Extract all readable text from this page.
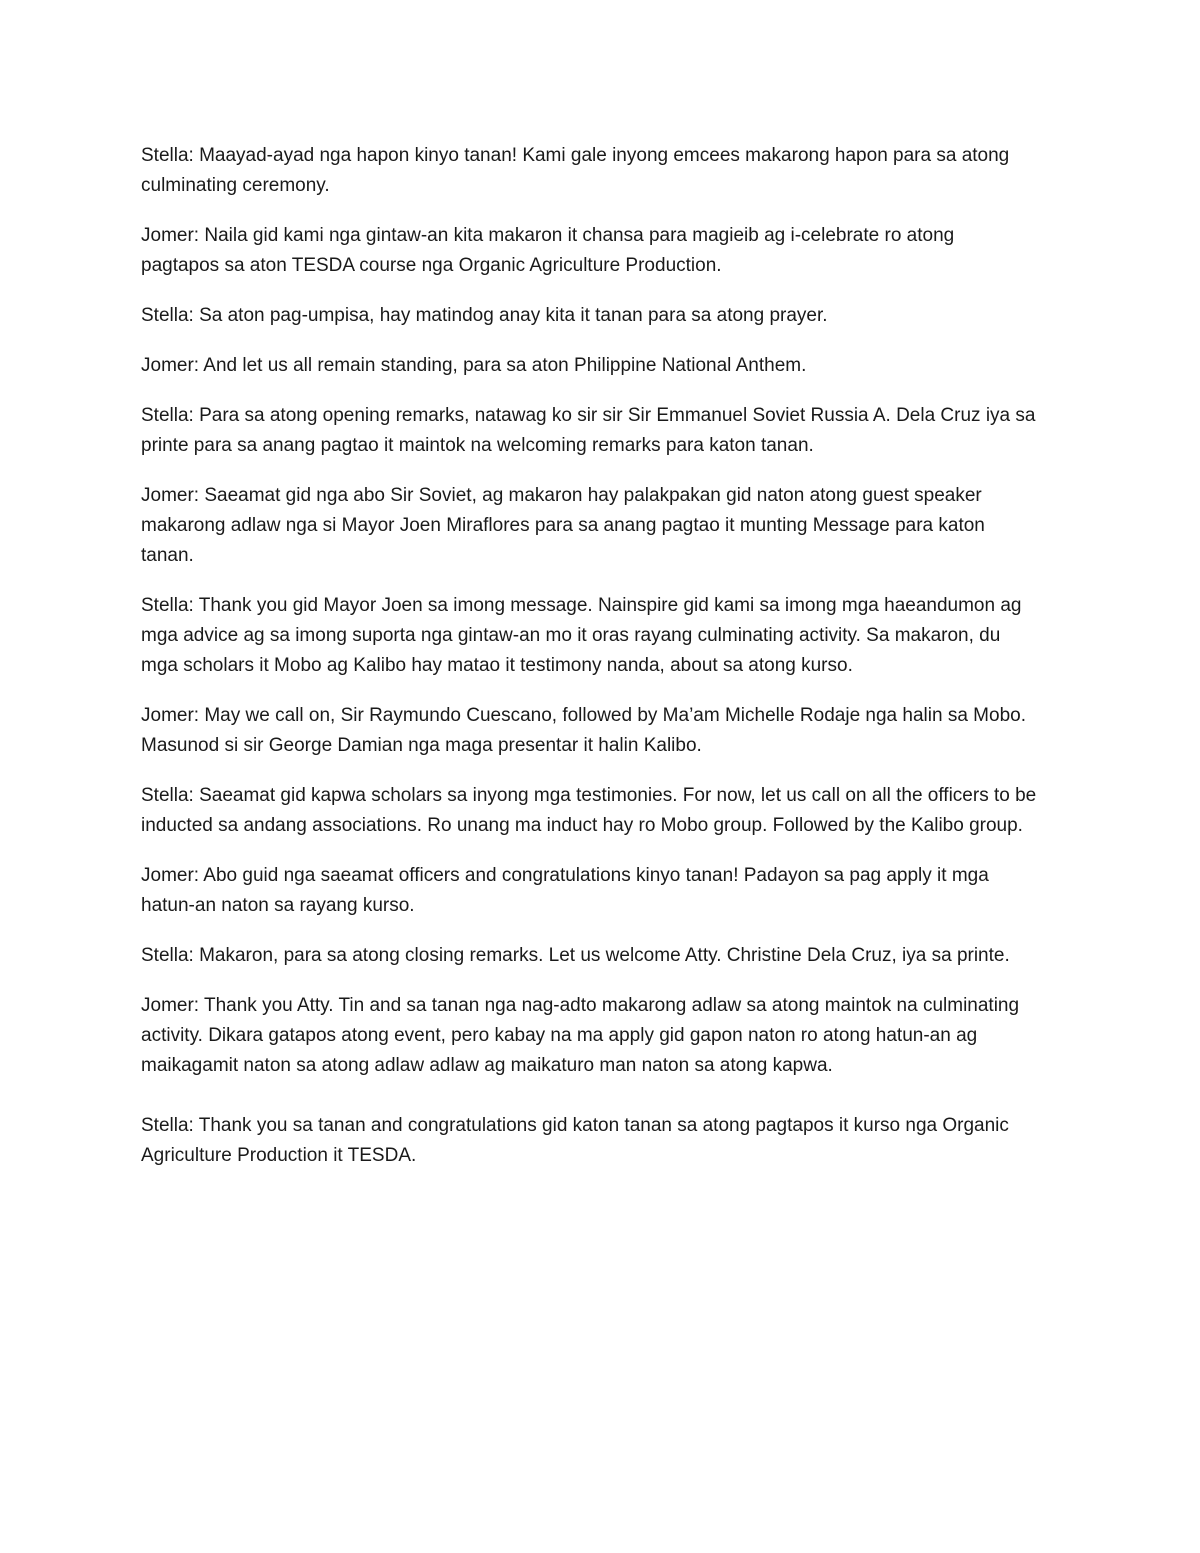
Stella: Maayad-ayad nga hapon kinyo tanan! Kami gale inyong emcees makarong hapon para sa atong
culminating ceremony.

Jomer: Naila gid kami nga gintaw-an kita makaron it chansa para magieib ag i-celebrate ro atong
pagtapos sa aton TESDA course nga Organic Agriculture Production.

Stella: Sa aton pag-umpisa, hay matindog anay kita it tanan para sa atong prayer.

Jomer: And let us all remain standing, para sa aton Philippine National Anthem.

Stella: Para sa atong opening remarks, natawag ko sir sir Sir Emmanuel Soviet Russia A. Dela Cruz iya sa
printe para sa anang pagtao it maintok na welcoming remarks para katon tanan.

Jomer: Saeamat gid nga abo Sir Soviet, ag makaron hay palakpakan gid naton atong guest speaker
makarong adlaw nga si Mayor Joen Miraflores para sa anang pagtao it munting Message para katon
tanan.

Stella: Thank you gid Mayor Joen sa imong message. Nainspire gid kami sa imong mga haeandumon ag
mga advice ag sa imong suporta nga gintaw-an mo it oras rayang culminating activity. Sa makaron, du
mga scholars it Mobo ag Kalibo hay matao it testimony nanda, about sa atong kurso.

Jomer: May we call on, Sir Raymundo Cuescano, followed by Ma’am Michelle Rodaje nga halin sa Mobo.
Masunod si sir George Damian nga maga presentar it halin Kalibo.

Stella: Saeamat gid kapwa scholars sa inyong mga testimonies. For now, let us call on all the officers to be
inducted sa andang associations. Ro unang ma induct hay ro Mobo group. Followed by the Kalibo group.

Jomer: Abo guid nga saeamat officers and congratulations kinyo tanan! Padayon sa pag apply it mga
hatun-an naton sa rayang kurso.

Stella: Makaron, para sa atong closing remarks. Let us welcome Atty. Christine Dela Cruz, iya sa printe.

Jomer: Thank you Atty. Tin and sa tanan nga nag-adto makarong adlaw sa atong maintok na culminating
activity. Dikara gatapos atong event, pero kabay na ma apply gid gapon naton ro atong hatun-an ag
maikagamit naton sa atong adlaw adlaw ag maikaturo man naton sa atong kapwa.

Stella: Thank you sa tanan and congratulations gid katon tanan sa atong pagtapos it kurso nga Organic
Agriculture Production it TESDA.
